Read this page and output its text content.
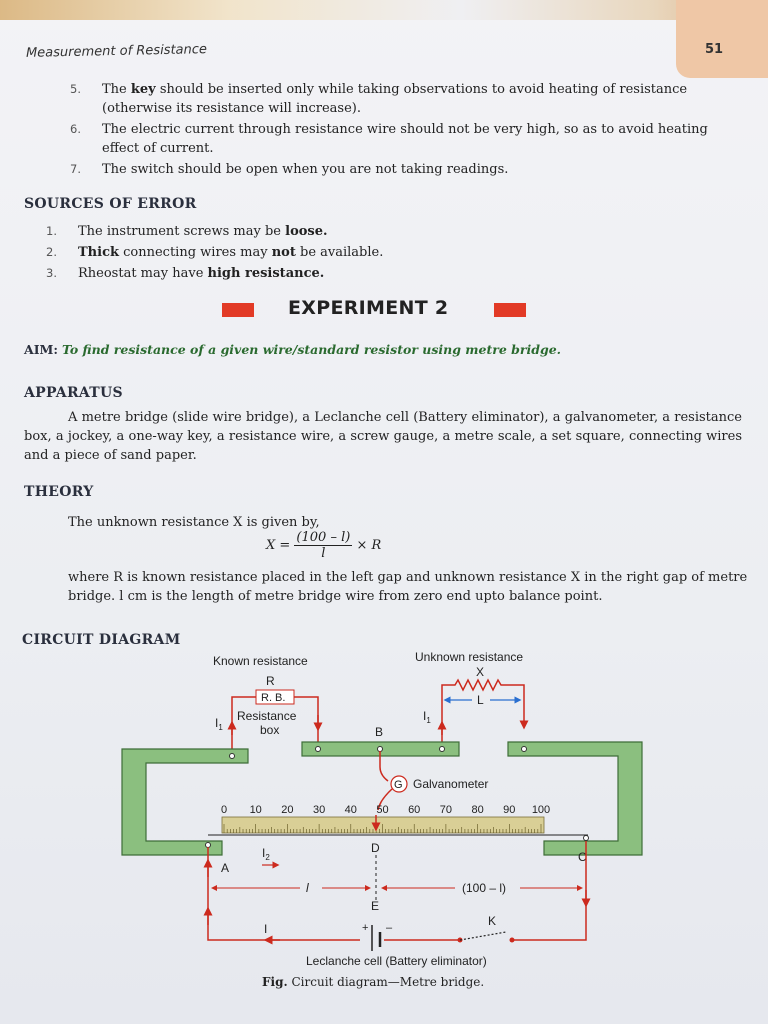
Measurement of Resistance	51
5. The key should be inserted only while taking observations to avoid heating of resistance (otherwise its resistance will increase).
6. The electric current through resistance wire should not be very high, so as to avoid heating effect of current.
7. The switch should be open when you are not taking readings.
SOURCES OF ERROR
1. The instrument screws may be loose.
2. Thick connecting wires may not be available.
3. Rheostat may have high resistance.
EXPERIMENT 2
AIM: To find resistance of a given wire/standard resistor using metre bridge.
APPARATUS
A metre bridge (slide wire bridge), a Leclanche cell (Battery eliminator), a galvanometer, a resistance box, a jockey, a one-way key, a resistance wire, a screw gauge, a metre scale, a set square, connecting wires and a piece of sand paper.
THEORY
The unknown resistance X is given by,
$X = \frac{(100 - l)}{l} \times R$
where R is known resistance placed in the left gap and unknown resistance X in the right gap of metre bridge. l cm is the length of metre bridge wire from zero end upto balance point.
CIRCUIT DIAGRAM
Known resistance
R
Unknown resistance
X
R. B.
Resistance
box
$I_1$
L
$I_1$
B
G Galvanometer
0 10 20 30 40 50 60 70 80 90 100
D
A
C
$I_2$
l	(100 – l)
I	+ –
E
Leclanche cell (Battery eliminator)
K
Fig. Circuit diagram—Metre bridge.
